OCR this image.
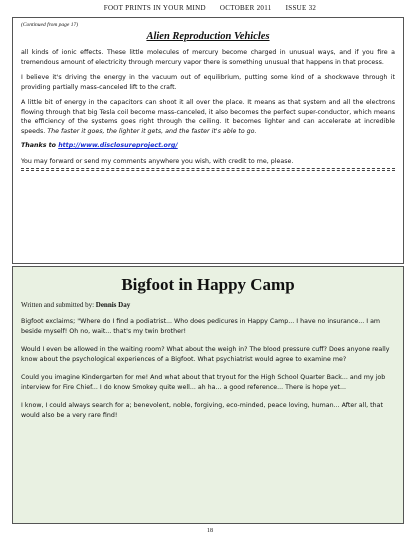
FOOT PRINTS IN YOUR MIND OCTOBER 2011 ISSUE 32
(Continued from page 17)
Alien Reproduction Vehicles

all kinds of ionic effects. These little molecules of mercury become charged in unusual ways, and if you fire a tremendous amount of electricity through mercury vapor there is something unusual that happens in that process.

I believe it's driving the energy in the vacuum out of equilibrium, putting some kind of a shockwave through it providing partially mass-canceled lift to the craft.

A little bit of energy in the capacitors can shoot it all over the place. It means as that system and all the electrons flowing through that big Tesla coil become mass-canceled, it also becomes the perfect super-conductor, which means the efficiency of the systems goes right through the ceiling. It becomes lighter and can accelerate at incredible speeds. The faster it goes, the lighter it gets, and the faster it's able to go.

Thanks to http://www.disclosureproject.org/

You may forward or send my comments anywhere you wish, with credit to me, please.

Bigfoot in Happy Camp
Written and submitted by: Dennis Day

Bigfoot exclaims; "Where do I find a podiatrist... Who does pedicures in Happy Camp... I have no insurance... I am beside myself! Oh no, wait... that's my twin brother!

Would I even be allowed in the waiting room? What about the weigh in? The blood pressure cuff? Does anyone really know about the psychological experiences of a Bigfoot. What psychiatrist would agree to examine me?

Could you imagine Kindergarten for me! And what about that tryout for the High School Quarter Back... and my job interview for Fire Chief... I do know Smokey quite well... ah ha... a good reference... There is hope yet...

I know, I could always search for a; benevolent, noble, forgiving, eco-minded, peace loving, human... After all, that would also be a very rare find!

18
